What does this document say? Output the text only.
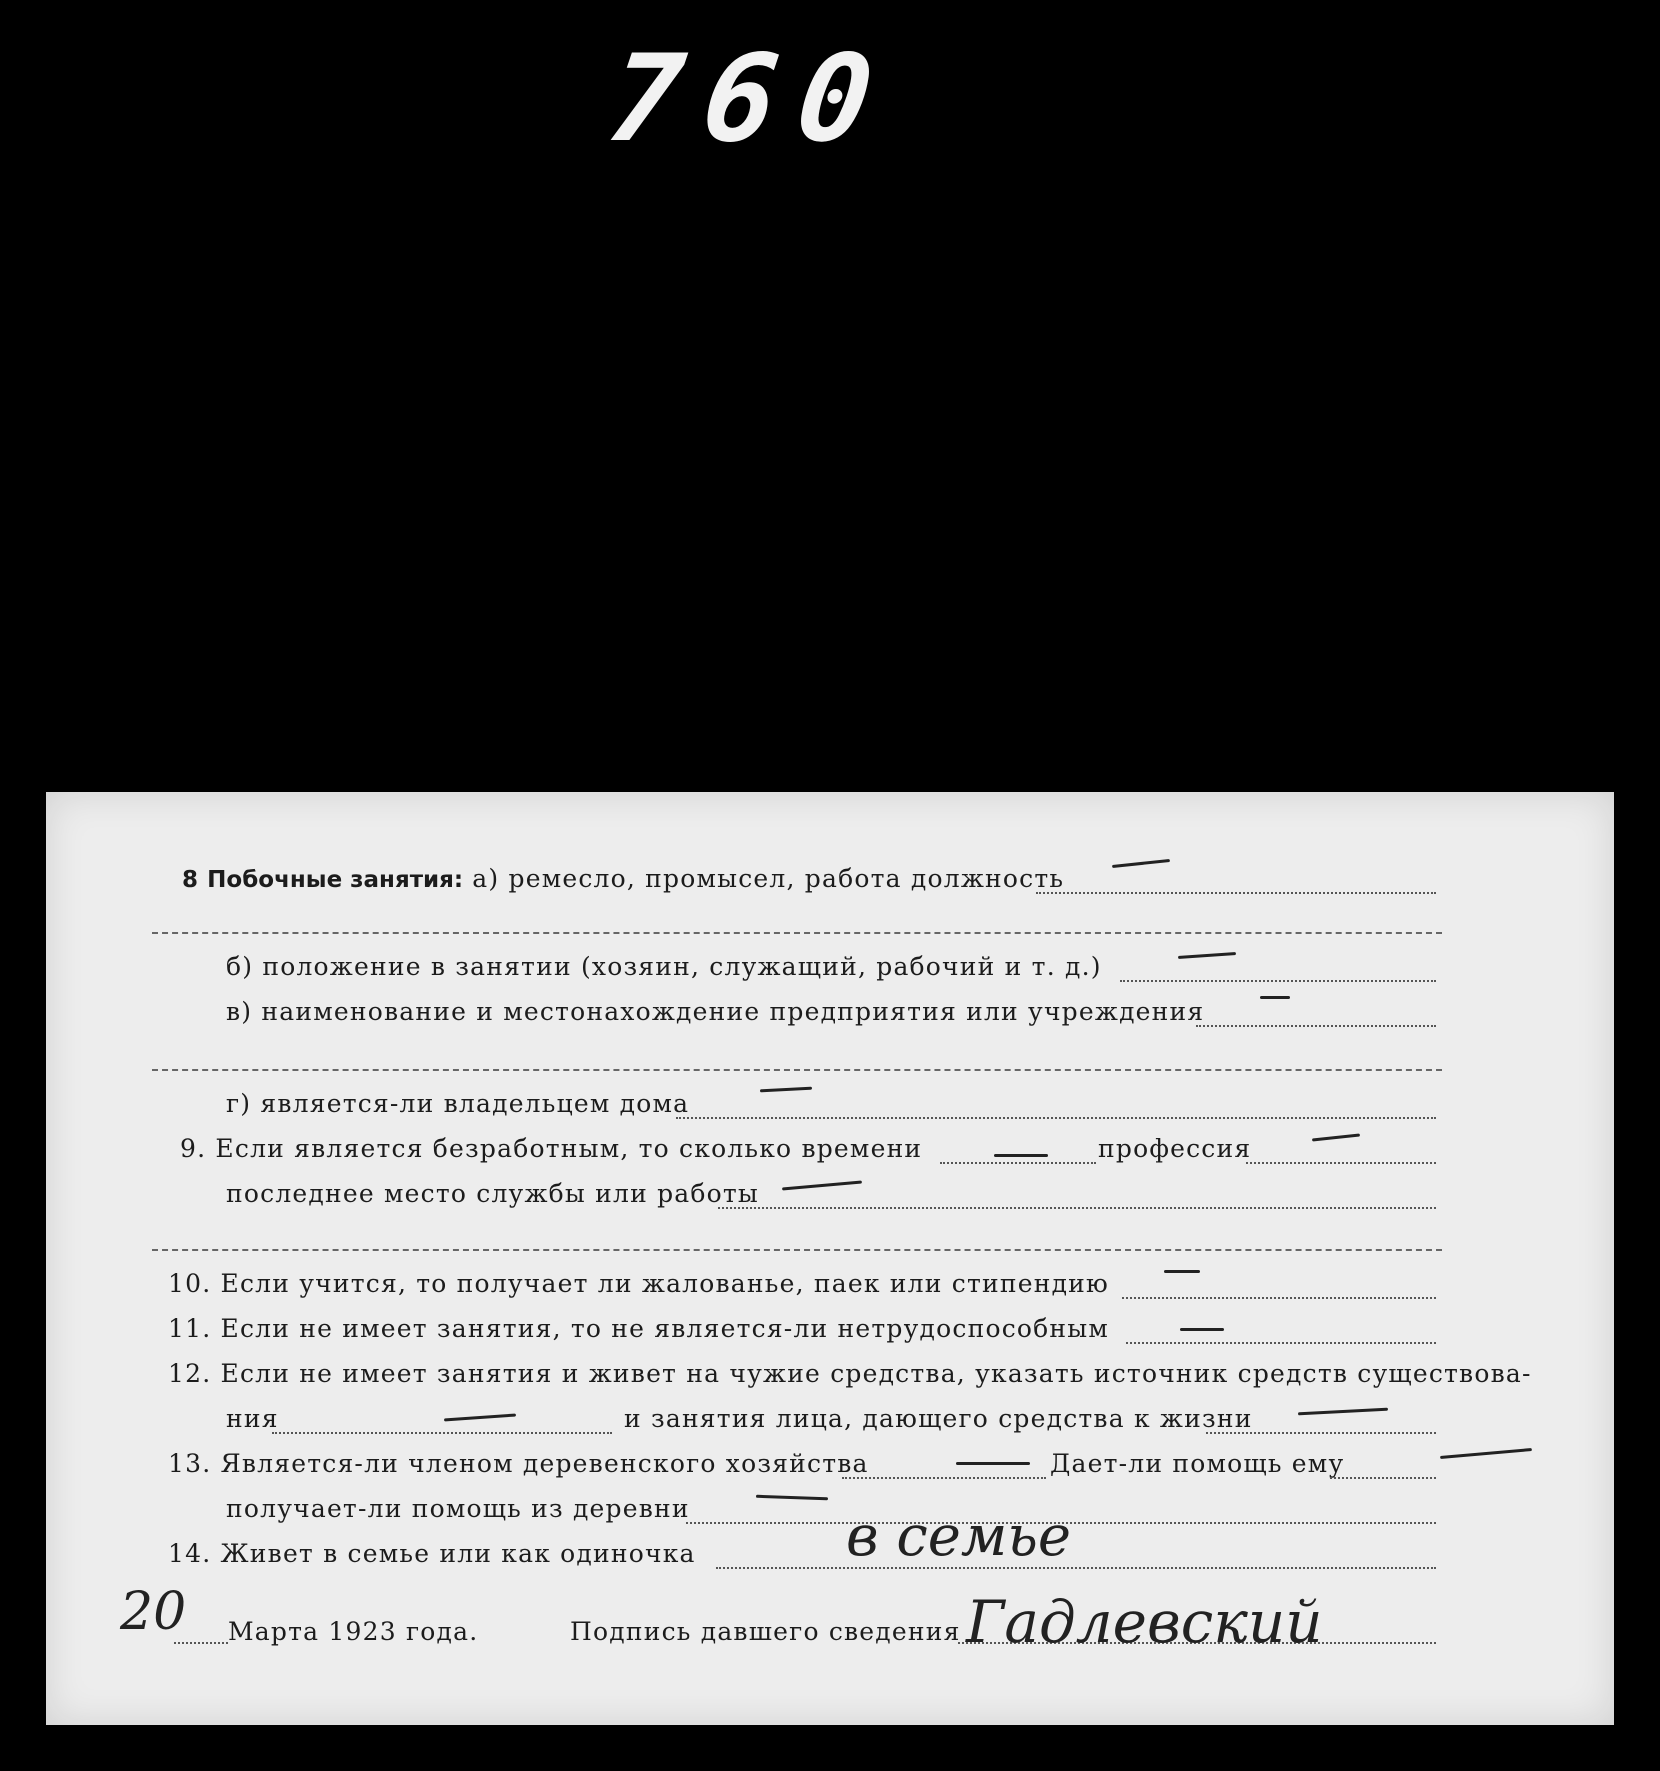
760
8 Побочные занятия: а) ремесло, промысел, работа должность
б) положение в занятии (хозяин, служащий, рабочий и т. д.)
в) наименование и местонахождение предприятия или учреждения
г) является-ли владельцем дома
9. Если является безработным, то сколько времени	профессия
последнее место службы или работы
10. Если учится, то получает ли жалованье, паек или стипендию
11. Если не имеет занятия, то не является-ли нетрудоспособным
12. Если не имеет занятия и живет на чужие средства, указать источник средств существова-
ния	и занятия лица, дающего средства к жизни
13. Является-ли членом деревенского хозяйства	Дает-ли помощь ему
получает-ли помощь из деревни
14. Живет в семье или как одиночка	в семье
20 Марта 1923 года.	Подпись давшего сведения Гадлевский
